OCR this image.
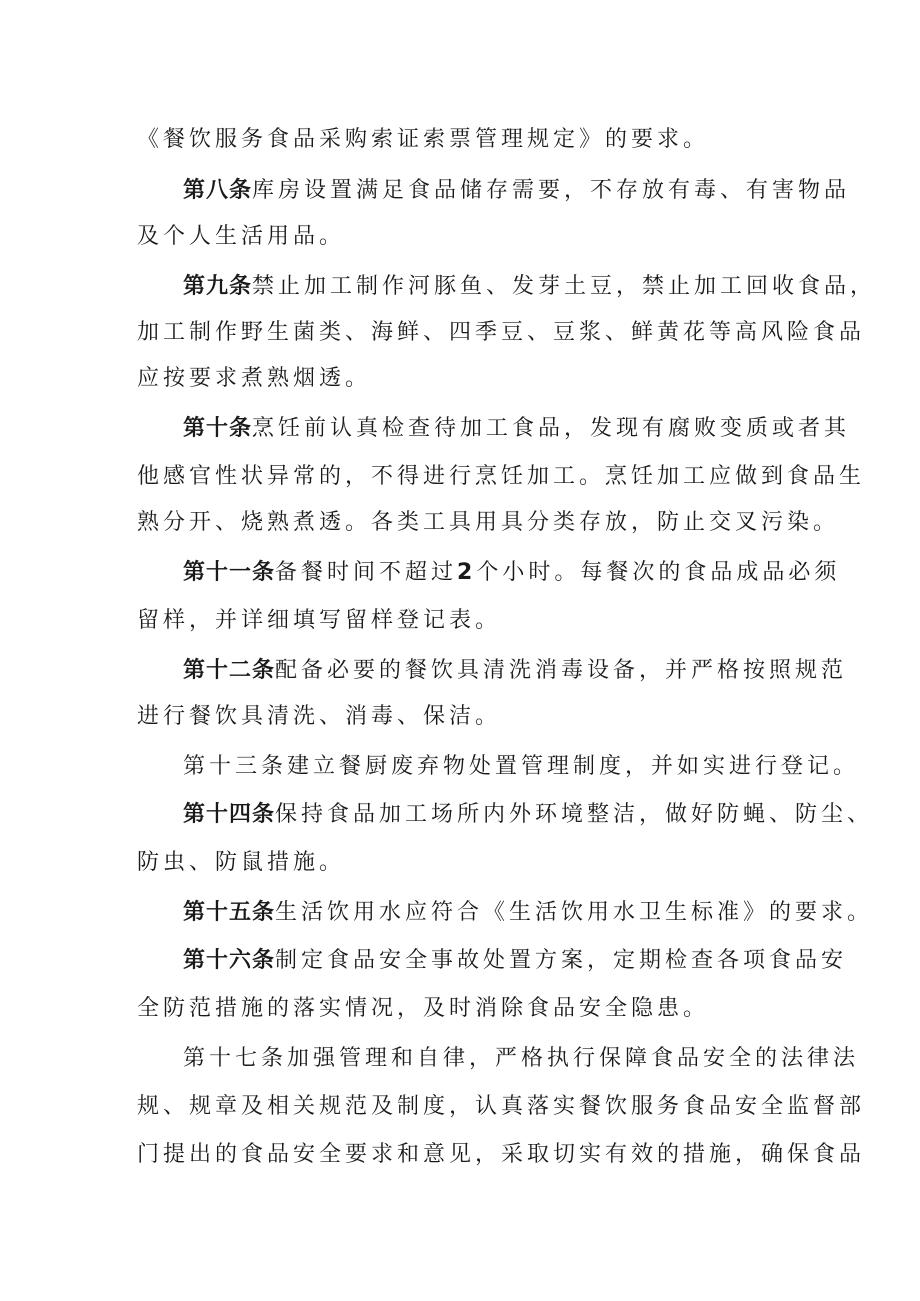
《餐饮服务食品采购索证索票管理规定》的要求。
第八条库房设置满足食品储存需要，不存放有毒、有害物品
及个人生活用品。
第九条禁止加工制作河豚鱼、发芽土豆，禁止加工回收食品，
加工制作野生菌类、海鲜、四季豆、豆浆、鲜黄花等高风险食品
应按要求煮熟烟透。
第十条烹饪前认真检查待加工食品，发现有腐败变质或者其
他感官性状异常的，不得进行烹饪加工。烹饪加工应做到食品生
熟分开、烧熟煮透。各类工具用具分类存放，防止交叉污染。
第十一条备餐时间不超过2个小时。每餐次的食品成品必须
留样，并详细填写留样登记表。
第十二条配备必要的餐饮具清洗消毒设备，并严格按照规范
进行餐饮具清洗、消毒、保洁。
第十三条建立餐厨废弃物处置管理制度，并如实进行登记。
第十四条保持食品加工场所内外环境整洁，做好防蝇、防尘、
防虫、防鼠措施。
第十五条生活饮用水应符合《生活饮用水卫生标准》的要求。
第十六条制定食品安全事故处置方案，定期检查各项食品安
全防范措施的落实情况，及时消除食品安全隐患。
第十七条加强管理和自律，严格执行保障食品安全的法律法
规、规章及相关规范及制度，认真落实餐饮服务食品安全监督部
门提出的食品安全要求和意见，采取切实有效的措施，确保食品
